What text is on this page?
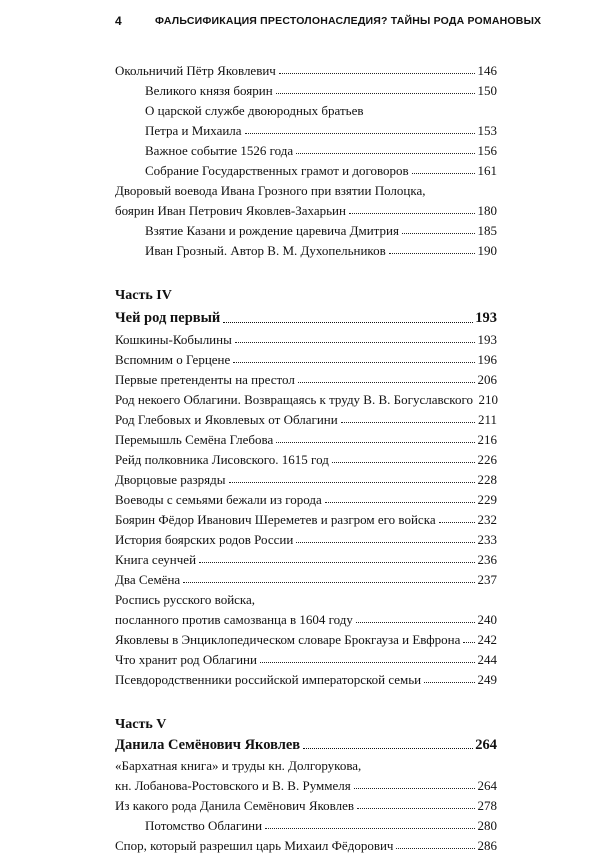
4	ФАЛЬСИФИКАЦИЯ ПРЕСТОЛОНАСЛЕДИЯ? ТАЙНЫ РОДА РОМАНОВЫХ
Окольничий Пётр Яковлевич	146
Великого князя боярин	150
О царской службе двоюродных братьев
Петра и Михаила	153
Важное событие 1526 года	156
Собрание Государственных грамот и договоров	161
Дворовый воевода Ивана Грозного при взятии Полоцка,
боярин Иван Петрович Яковлев-Захарьин	180
Взятие Казани и рождение царевича Дмитрия	185
Иван Грозный. Автор В. М. Духопельников	190
Часть IV
Чей род первый	193
Кошкины-Кобылины	193
Вспомним о Герцене	196
Первые претенденты на престол	206
Род некоего Облагини. Возвращаясь к труду В. В. Богуславского 210
Род Глебовых и Яковлевых от Облагини	211
Перемышль Семёна Глебова	216
Рейд полковника Лисовского. 1615 год	226
Дворцовые разряды	228
Воеводы с семьями бежали из города	229
Боярин Фёдор Иванович Шереметев и разгром его войска	232
История боярских родов России	233
Книга сеунчей	236
Два Семёна	237
Роспись русского войска,
посланного против самозванца в 1604 году	240
Яковлевы в Энциклопедическом словаре Брокгауза и Евфрона 242
Что хранит род Облагини	244
Псевдородственники российской императорской семьи	249
Часть V
Данила Семёнович Яковлев	264
«Бархатная книга» и труды кн. Долгорукова,
кн. Лобанова-Ростовского и В. В. Руммеля	264
Из какого рода Данила Семёнович Яковлев	278
Потомство Облагини	280
Спор, который разрешил царь Михаил Фёдорович	286
